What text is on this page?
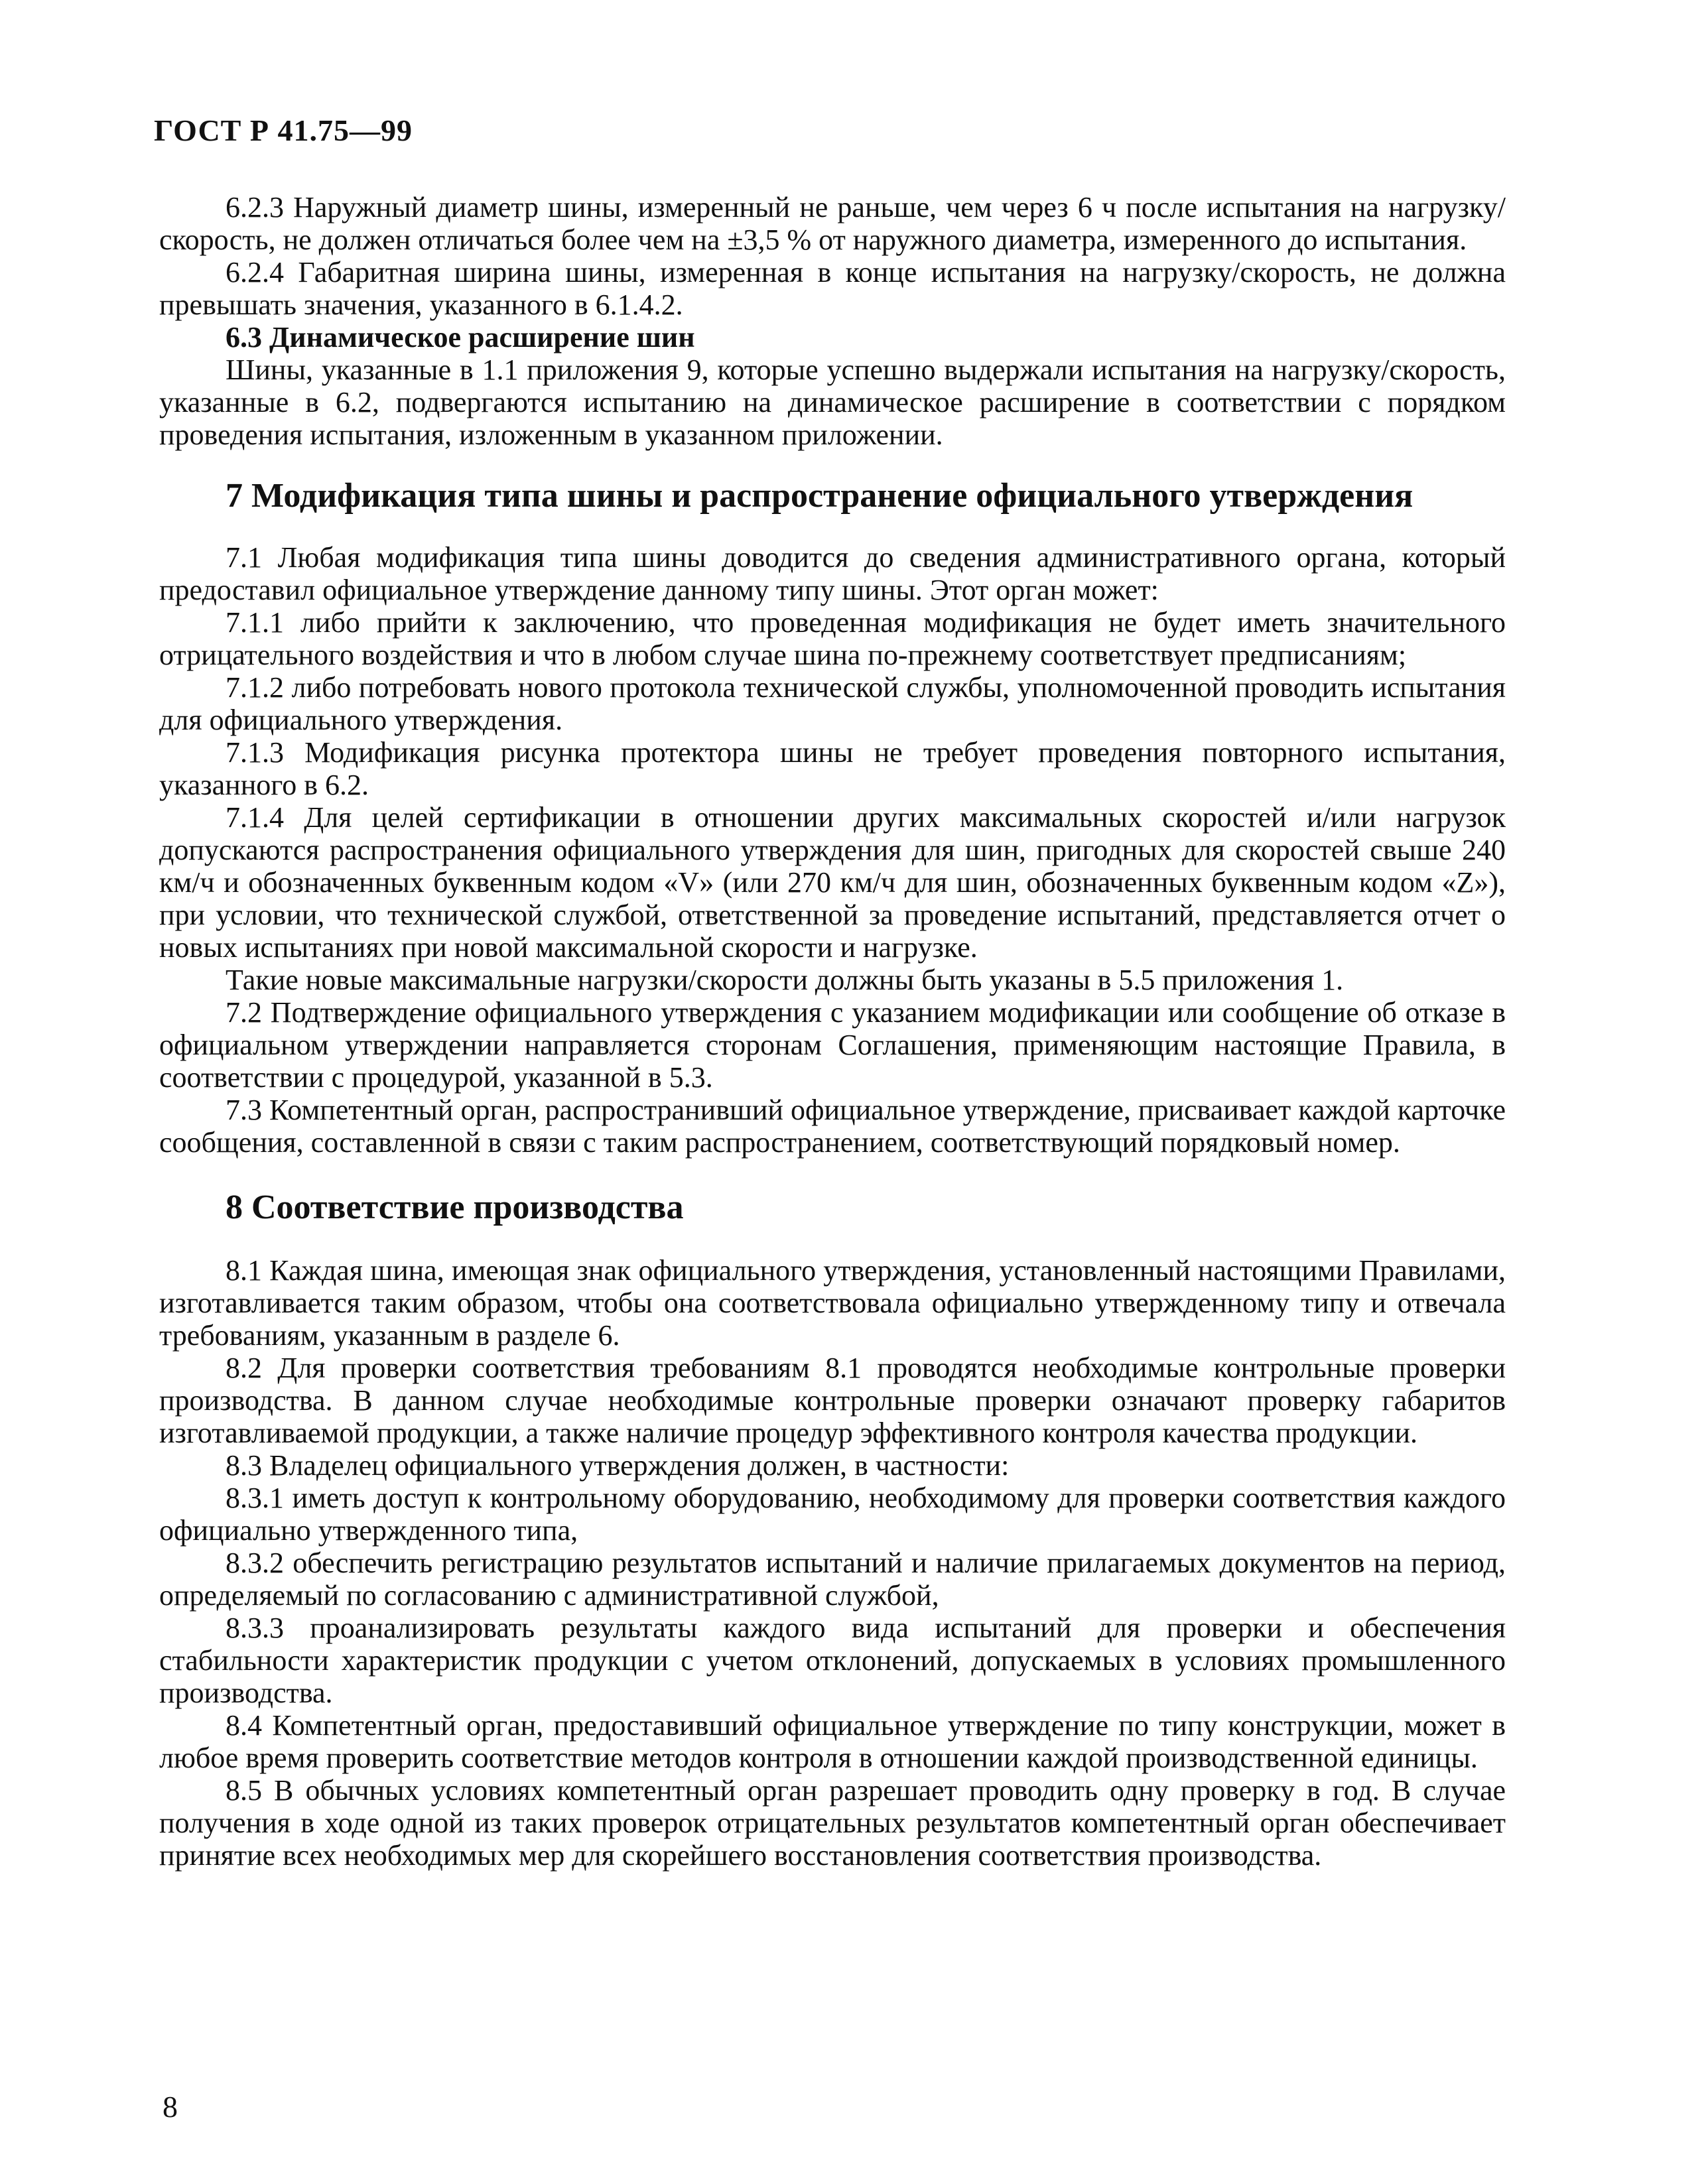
ГОСТ Р 41.75—99

6.2.3 Наружный диаметр шины, измеренный не раньше, чем через 6 ч после испытания на нагрузку/скорость, не должен отличаться более чем на ±3,5 % от наружного диаметра, измеренного до испытания.

6.2.4 Габаритная ширина шины, измеренная в конце испытания на нагрузку/скорость, не должна превышать значения, указанного в 6.1.4.2.

6.3 Динамическое расширение шин

Шины, указанные в 1.1 приложения 9, которые успешно выдержали испытания на нагрузку/скорость, указанные в 6.2, подвергаются испытанию на динамическое расширение в соответствии с порядком проведения испытания, изложенным в указанном приложении.

7 Модификация типа шины и распространение официального утверждения

7.1 Любая модификация типа шины доводится до сведения административного органа, который предоставил официальное утверждение данному типу шины. Этот орган может:

7.1.1 либо прийти к заключению, что проведенная модификация не будет иметь значительного отрицательного воздействия и что в любом случае шина по-прежнему соответствует предписаниям;

7.1.2 либо потребовать нового протокола технической службы, уполномоченной проводить испытания для официального утверждения.

7.1.3 Модификация рисунка протектора шины не требует проведения повторного испытания, указанного в 6.2.

7.1.4 Для целей сертификации в отношении других максимальных скоростей и/или нагрузок допускаются распространения официального утверждения для шин, пригодных для скоростей свыше 240 км/ч и обозначенных буквенным кодом «V» (или 270 км/ч для шин, обозначенных буквенным кодом «Z»), при условии, что технической службой, ответственной за проведение испытаний, представляется отчет о новых испытаниях при новой максимальной скорости и нагрузке.

Такие новые максимальные нагрузки/скорости должны быть указаны в 5.5 приложения 1.

7.2 Подтверждение официального утверждения с указанием модификации или сообщение об отказе в официальном утверждении направляется сторонам Соглашения, применяющим настоящие Правила, в соответствии с процедурой, указанной в 5.3.

7.3 Компетентный орган, распространивший официальное утверждение, присваивает каждой карточке сообщения, составленной в связи с таким распространением, соответствующий порядковый номер.

8 Соответствие производства

8.1 Каждая шина, имеющая знак официального утверждения, установленный настоящими Правилами, изготавливается таким образом, чтобы она соответствовала официально утвержденному типу и отвечала требованиям, указанным в разделе 6.

8.2 Для проверки соответствия требованиям 8.1 проводятся необходимые контрольные проверки производства. В данном случае необходимые контрольные проверки означают проверку габаритов изготавливаемой продукции, а также наличие процедур эффективного контроля качества продукции.

8.3 Владелец официального утверждения должен, в частности:

8.3.1 иметь доступ к контрольному оборудованию, необходимому для проверки соответствия каждого официально утвержденного типа,

8.3.2 обеспечить регистрацию результатов испытаний и наличие прилагаемых документов на период, определяемый по согласованию с административной службой,

8.3.3 проанализировать результаты каждого вида испытаний для проверки и обеспечения стабильности характеристик продукции с учетом отклонений, допускаемых в условиях промышленного производства.

8.4 Компетентный орган, предоставивший официальное утверждение по типу конструкции, может в любое время проверить соответствие методов контроля в отношении каждой производственной единицы.

8.5 В обычных условиях компетентный орган разрешает проводить одну проверку в год. В случае получения в ходе одной из таких проверок отрицательных результатов компетентный орган обеспечивает принятие всех необходимых мер для скорейшего восстановления соответствия производства.

8
